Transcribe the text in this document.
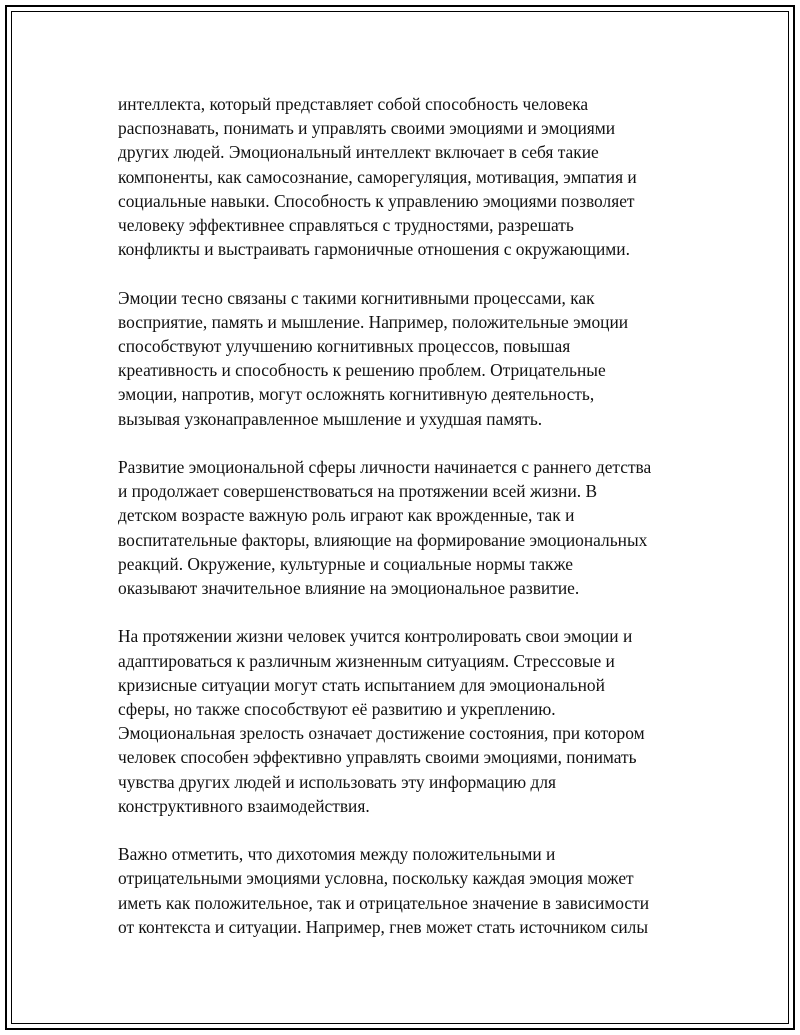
интеллекта, который представляет собой способность человека
распознавать, понимать и управлять своими эмоциями и эмоциями
других людей. Эмоциональный интеллект включает в себя такие
компоненты, как самосознание, саморегуляция, мотивация, эмпатия и
социальные навыки. Способность к управлению эмоциями позволяет
человеку эффективнее справляться с трудностями, разрешать
конфликты и выстраивать гармоничные отношения с окружающими.

Эмоции тесно связаны с такими когнитивными процессами, как
восприятие, память и мышление. Например, положительные эмоции
способствуют улучшению когнитивных процессов, повышая
креативность и способность к решению проблем. Отрицательные
эмоции, напротив, могут осложнять когнитивную деятельность,
вызывая узконаправленное мышление и ухудшая память.

Развитие эмоциональной сферы личности начинается с раннего детства
и продолжает совершенствоваться на протяжении всей жизни. В
детском возрасте важную роль играют как врожденные, так и
воспитательные факторы, влияющие на формирование эмоциональных
реакций. Окружение, культурные и социальные нормы также
оказывают значительное влияние на эмоциональное развитие.

На протяжении жизни человек учится контролировать свои эмоции и
адаптироваться к различным жизненным ситуациям. Стрессовые и
кризисные ситуации могут стать испытанием для эмоциональной
сферы, но также способствуют её развитию и укреплению.
Эмоциональная зрелость означает достижение состояния, при котором
человек способен эффективно управлять своими эмоциями, понимать
чувства других людей и использовать эту информацию для
конструктивного взаимодействия.

Важно отметить, что дихотомия между положительными и
отрицательными эмоциями условна, поскольку каждая эмоция может
иметь как положительное, так и отрицательное значение в зависимости
от контекста и ситуации. Например, гнев может стать источником силы
